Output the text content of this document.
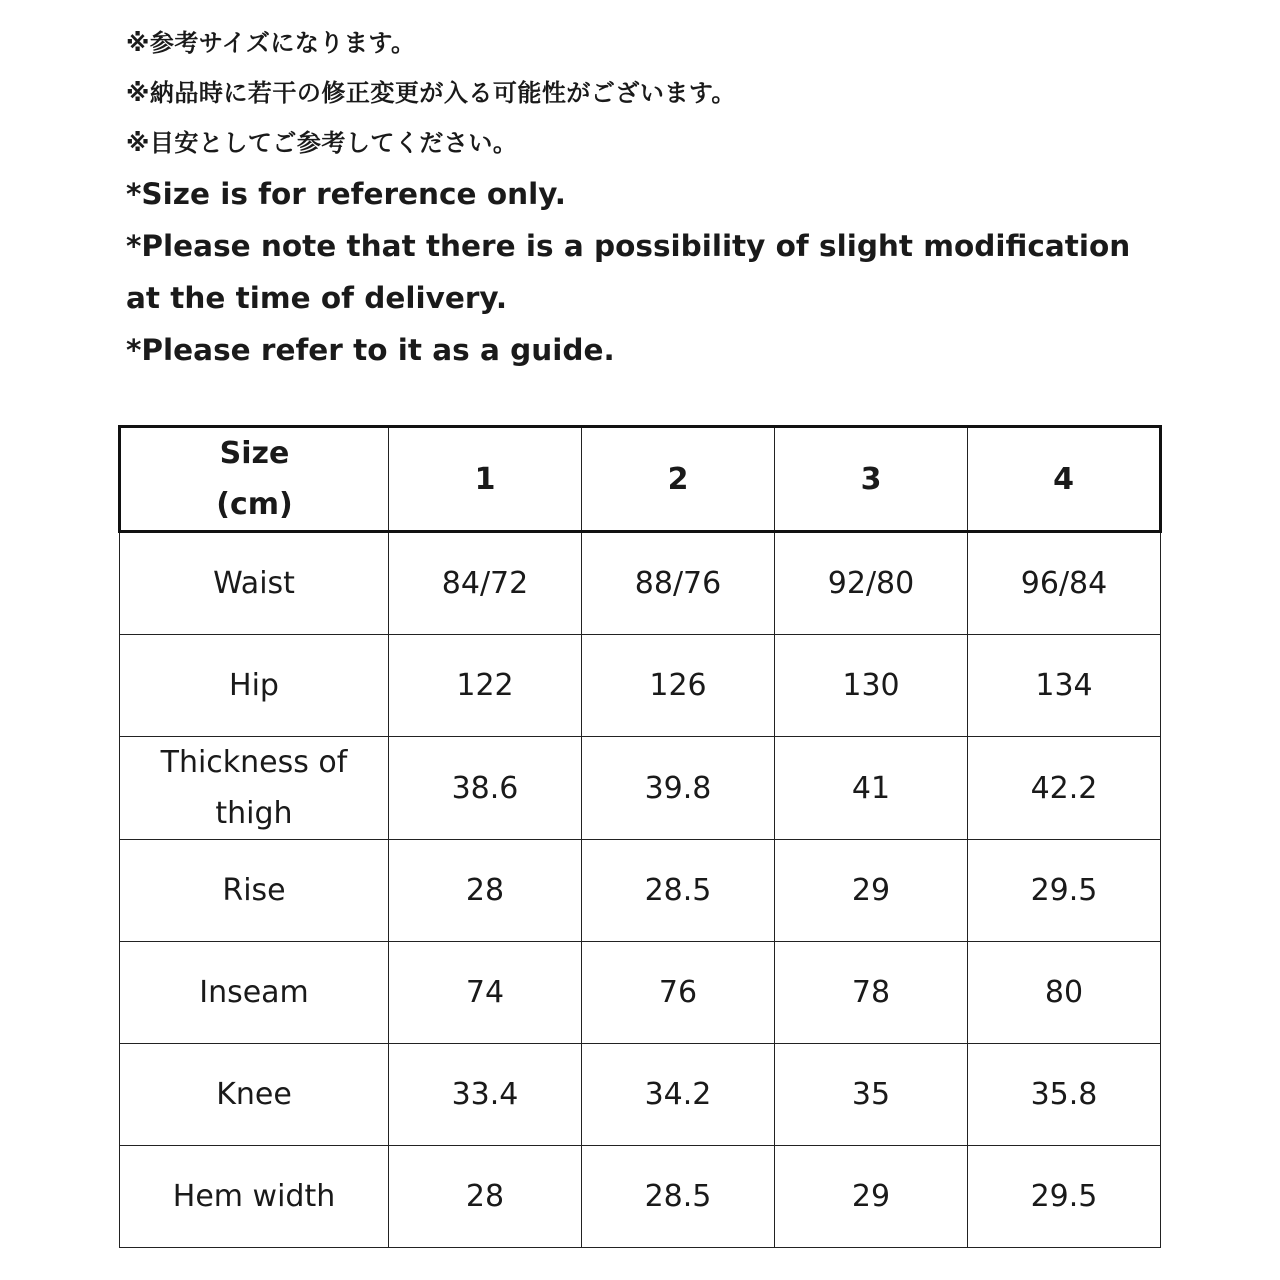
※参考サイズになります。
※納品時に若干の修正変更が入る可能性がございます。
※目安としてご参考してください。
*Size is for reference only.
*Please note that there is a possibility of slight modification
at the time of delivery.
*Please refer to it as a guide.
Size
(cm)	1	2	3	4
Waist	84/72	88/76	92/80	96/84
Hip	122	126	130	134

Thickness of
thigh	38.6	39.8	41	42.2
Rise	28	28.5	29	29.5
Inseam	74	76	78	80
Knee	33.4	34.2	35	35.8
Hem width	28	28.5	29	29.5
